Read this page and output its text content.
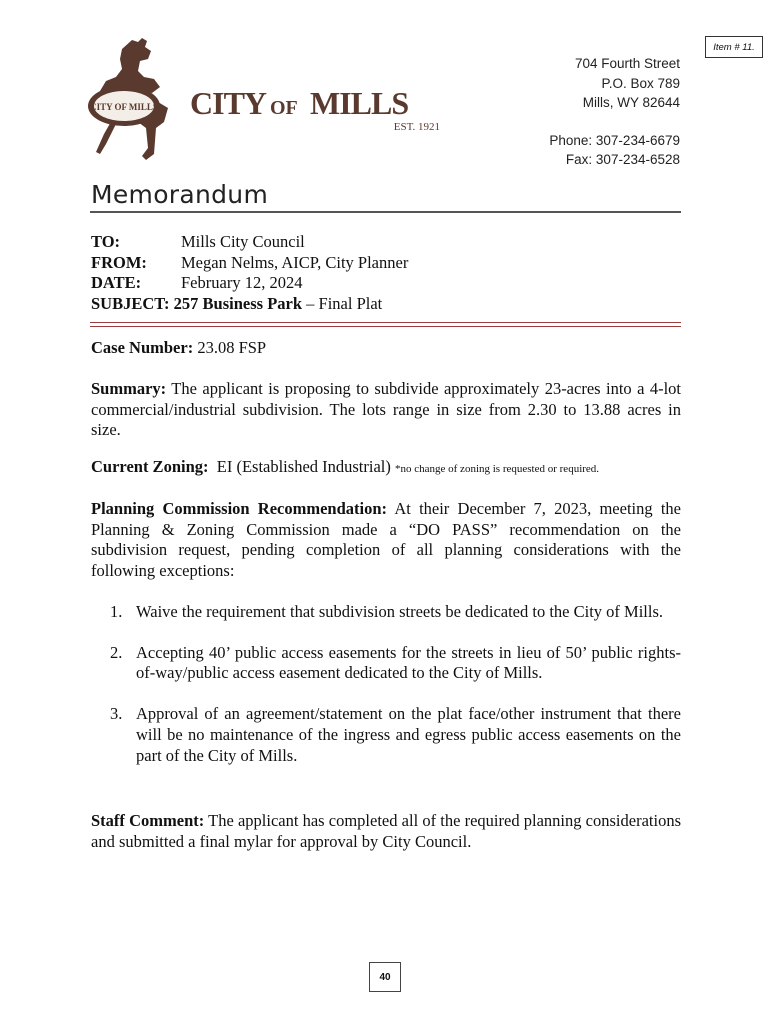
Item # 11.
CITY OF MILLS CITY OF MILLS
EST. 1921
704 Fourth Street
P.O. Box 789
Mills, WY 82644
Phone: 307-234-6679
Fax: 307-234-6528
Memorandum
TO:	Mills City Council
FROM:	Megan Nelms, AICP, City Planner
DATE:	February 12, 2024
SUBJECT:
257 Business Park – Final Plat
Case Number: 23.08 FSP
Summary: The applicant is proposing to subdivide approximately 23-acres into a 4-lot commercial/industrial subdivision. The lots range in size from 2.30 to 13.88 acres in size.
Current Zoning:  EI (Established Industrial) *no change of zoning is requested or required.
Planning Commission Recommendation: At their December 7, 2023, meeting the Planning & Zoning Commission made a “DO PASS” recommendation on the subdivision request, pending completion of all planning considerations with the following exceptions:
1. Waive the requirement that subdivision streets be dedicated to the City of Mills.
2. Accepting 40’ public access easements for the streets in lieu of 50’ public rights-of-way/public access easement dedicated to the City of Mills.
3. Approval of an agreement/statement on the plat face/other instrument that there will be no maintenance of the ingress and egress public access easements on the part of the City of Mills.
Staff Comment: The applicant has completed all of the required planning considerations and submitted a final mylar for approval by City Council.
40
